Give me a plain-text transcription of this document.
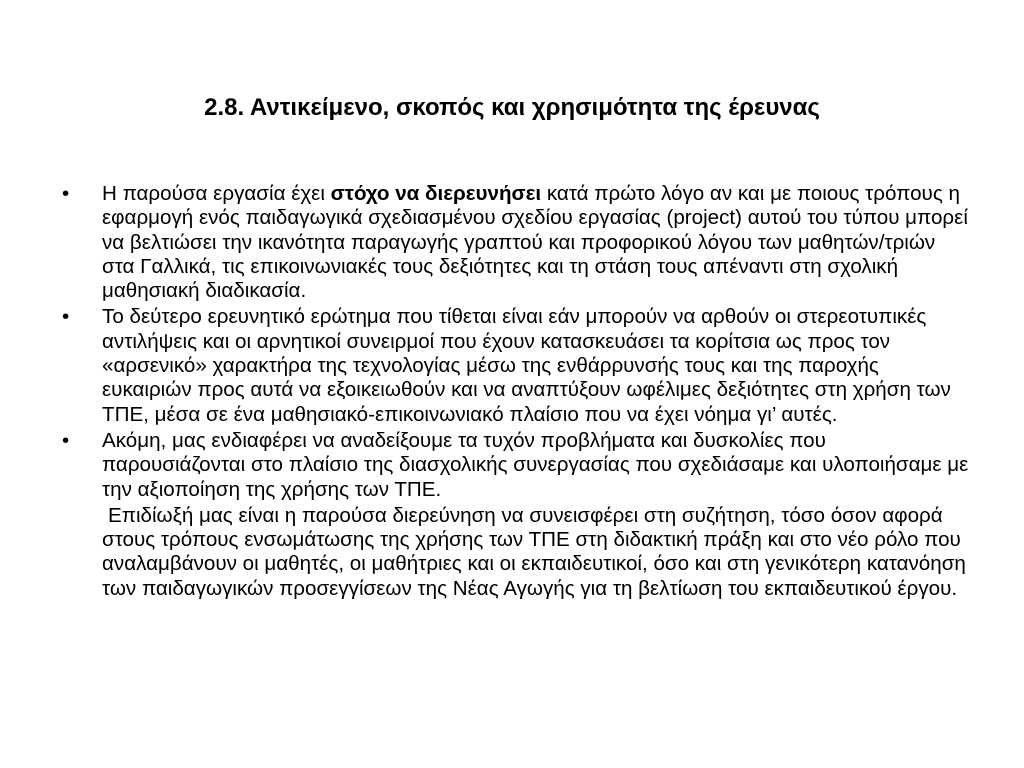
2.8. Αντικείμενο, σκοπός και χρησιμότητα της έρευνας
• Η παρούσα εργασία έχει στόχο να διερευνήσει κατά πρώτο λόγο αν και με ποιους τρόπους η εφαρμογή ενός παιδαγωγικά σχεδιασμένου σχεδίου εργασίας (project) αυτού του τύπου μπορεί να βελτιώσει την ικανότητα παραγωγής γραπτού και προφορικού λόγου των μαθητών/τριών στα Γαλλικά, τις επικοινωνιακές τους δεξιότητες και τη στάση τους απέναντι στη σχολική μαθησιακή διαδικασία.
• Το δεύτερο ερευνητικό ερώτημα που τίθεται είναι εάν μπορούν να αρθούν οι στερεοτυπικές αντιλήψεις και οι αρνητικοί συνειρμοί που έχουν κατασκευάσει τα κορίτσια ως προς τον «αρσενικό» χαρακτήρα της τεχνολογίας μέσω της ενθάρρυνσής τους και της παροχής ευκαιριών προς αυτά να εξοικειωθούν και να αναπτύξουν ωφέλιμες δεξιότητες στη χρήση των ΤΠΕ, μέσα σε ένα μαθησιακό-επικοινωνιακό πλαίσιο που να έχει νόημα γι’ αυτές.
• Ακόμη, μας ενδιαφέρει να αναδείξουμε τα τυχόν προβλήματα και δυσκολίες που παρουσιάζονται στο πλαίσιο της διασχολικής συνεργασίας που σχεδιάσαμε και υλοποιήσαμε με την αξιοποίηση της χρήσης των ΤΠΕ.
Επιδίωξή μας είναι η παρούσα διερεύνηση να συνεισφέρει στη συζήτηση, τόσο όσον αφορά στους τρόπους ενσωμάτωσης της χρήσης των ΤΠΕ στη διδακτική πράξη και στο νέο ρόλο που αναλαμβάνουν οι μαθητές, οι μαθήτριες και οι εκπαιδευτικοί, όσο και στη γενικότερη κατανόηση των παιδαγωγικών προσεγγίσεων της Νέας Αγωγής για τη βελτίωση του εκπαιδευτικού έργου.
